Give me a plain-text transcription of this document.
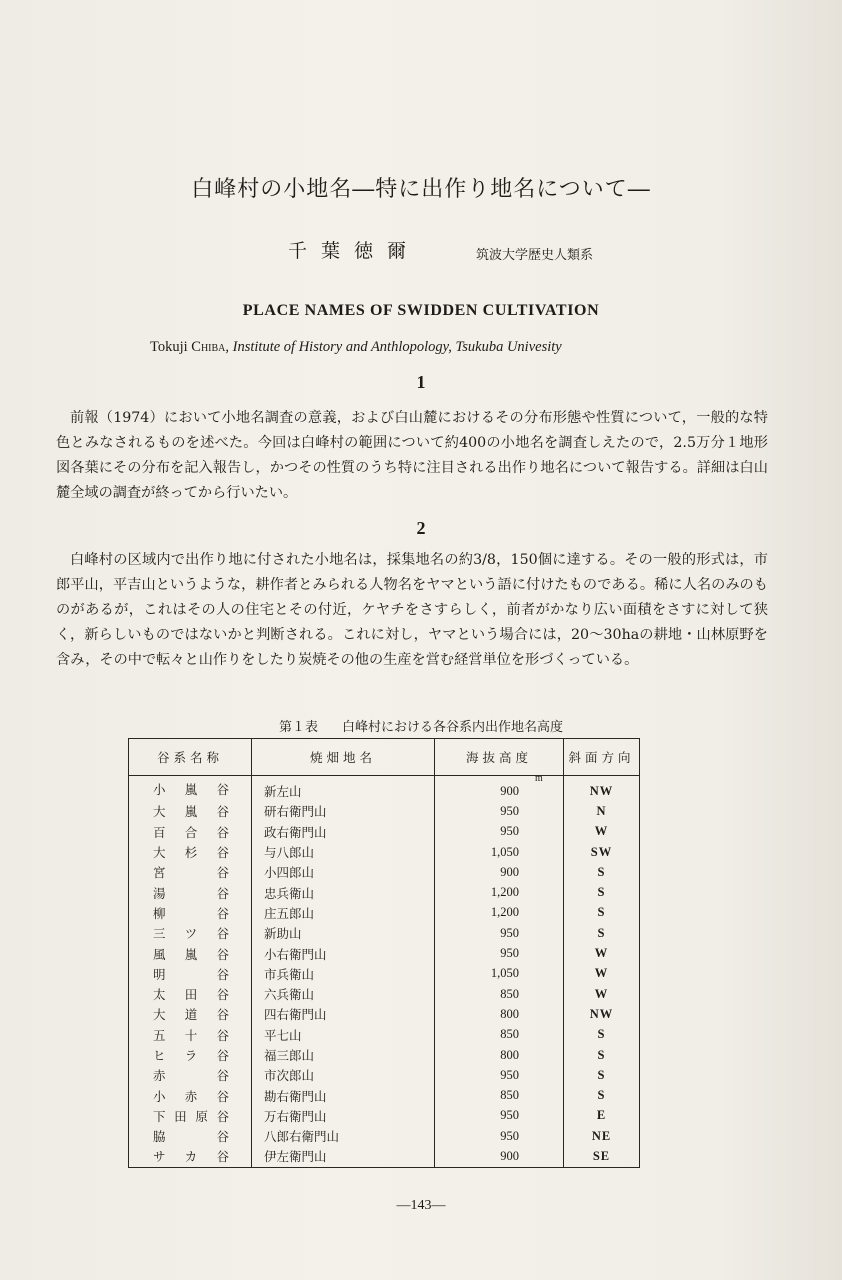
白峰村の小地名―特に出作り地名について―
千葉徳爾	筑波大学歴史人類系
PLACE NAMES OF SWIDDEN CULTIVATION
Tokuji Chiba, Institute of History and Anthlopology, Tsukuba Univesity
1
前報（1974）において小地名調査の意義，および白山麓におけるその分布形態や性質について，一般的な特色とみなされるものを述べた。今回は白峰村の範囲について約400の小地名を調査しえたので，2.5万分１地形図各葉にその分布を記入報告し，かつその性質のうち特に注目される出作り地名について報告する。詳細は白山麓全域の調査が終ってから行いたい。
2
白峰村の区域内で出作り地に付された小地名は，採集地名の約3/8，150個に達する。その一般的形式は，市郎平山，平吉山というような，耕作者とみられる人物名をヤマという語に付けたものである。稀に人名のみのものがあるが，これはその人の住宅とその付近，ケヤチをさすらしく，前者がかなり広い面積をさすに対して狭く，新らしいものではないかと判断される。これに対し，ヤマという場合には，20～30haの耕地・山林原野を含み，その中で転々と山作りをしたり炭焼その他の生産を営む経営単位を形づくっている。
第１表 白峰村における各谷系内出作地名高度
谷系名称	焼畑地名	海抜高度	斜面方向
小嵐谷	新左山	900	NW
大嵐谷	研右衛門山	950	N
百合谷	政右衛門山	950	W
大杉谷	与八郎山	1,050	SW
宮　谷	小四郎山	900	S
湯　谷	忠兵衛山	1,200	S
柳　谷	庄五郎山	1,200	S
三ツ谷	新助山	950	S
風嵐谷	小右衛門山	950	W
明　谷	市兵衛山	1,050	W
太田谷	六兵衛山	850	W
大道谷	四右衛門山	800	NW
五十谷	平七山	850	S
ヒラ谷	福三郎山	800	S
赤　谷	市次郎山	950	S
小赤谷	勘右衛門山	850	S
下田原谷	万右衛門山	950	E
脇　谷	八郎右衛門山	950	NE
サカ谷	伊左衛門山	900	SE
m
―143―
